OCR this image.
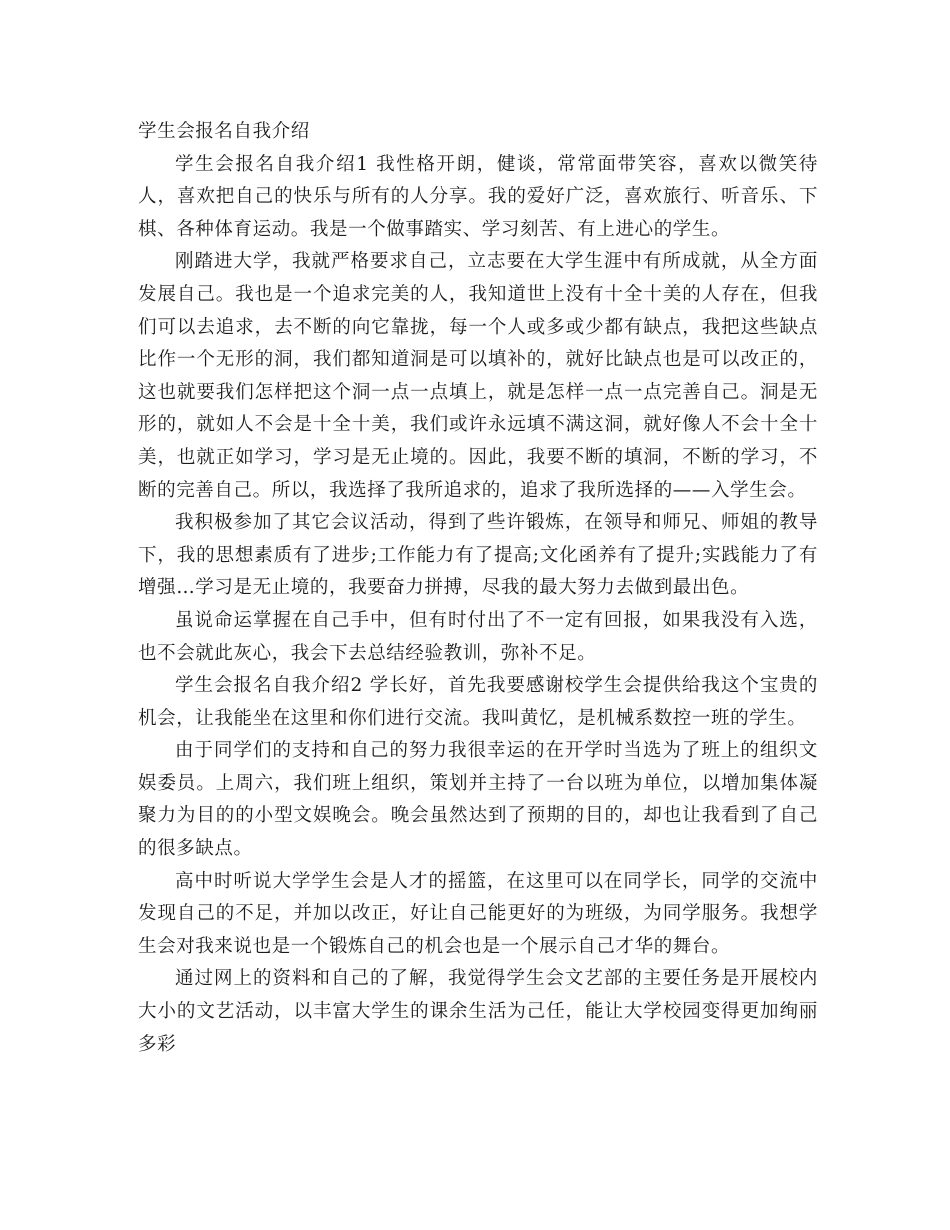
学生会报名自我介绍

学生会报名自我介绍1 我性格开朗，健谈，常常面带笑容，喜欢以微笑待人，喜欢把自己的快乐与所有的人分享。我的爱好广泛，喜欢旅行、听音乐、下棋、各种体育运动。我是一个做事踏实、学习刻苦、有上进心的学生。

刚踏进大学，我就严格要求自己，立志要在大学生涯中有所成就，从全方面发展自己。我也是一个追求完美的人，我知道世上没有十全十美的人存在，但我们可以去追求，去不断的向它靠拢，每一个人或多或少都有缺点，我把这些缺点比作一个无形的洞，我们都知道洞是可以填补的，就好比缺点也是可以改正的，这也就要我们怎样把这个洞一点一点填上，就是怎样一点一点完善自己。洞是无形的，就如人不会是十全十美，我们或许永远填不满这洞，就好像人不会十全十美，也就正如学习，学习是无止境的。因此，我要不断的填洞，不断的学习，不断的完善自己。所以，我选择了我所追求的，追求了我所选择的——入学生会。

我积极参加了其它会议活动，得到了些许锻炼，在领导和师兄、师姐的教导下，我的思想素质有了进步;工作能力有了提高;文化函养有了提升;实践能力了有增强…学习是无止境的，我要奋力拼搏，尽我的最大努力去做到最出色。

虽说命运掌握在自己手中，但有时付出了不一定有回报，如果我没有入选，也不会就此灰心，我会下去总结经验教训，弥补不足。

学生会报名自我介绍2 学长好，首先我要感谢校学生会提供给我这个宝贵的机会，让我能坐在这里和你们进行交流。我叫黄忆，是机械系数控一班的学生。

由于同学们的支持和自己的努力我很幸运的在开学时当选为了班上的组织文娱委员。上周六，我们班上组织，策划并主持了一台以班为单位，以增加集体凝聚力为目的的小型文娱晚会。晚会虽然达到了预期的目的，却也让我看到了自己的很多缺点。

高中时听说大学学生会是人才的摇篮，在这里可以在同学长，同学的交流中发现自己的不足，并加以改正，好让自己能更好的为班级，为同学服务。我想学生会对我来说也是一个锻炼自己的机会也是一个展示自己才华的舞台。

通过网上的资料和自己的了解，我觉得学生会文艺部的主要任务是开展校内大小的文艺活动，以丰富大学生的课余生活为己任，能让大学校园变得更加绚丽多彩
